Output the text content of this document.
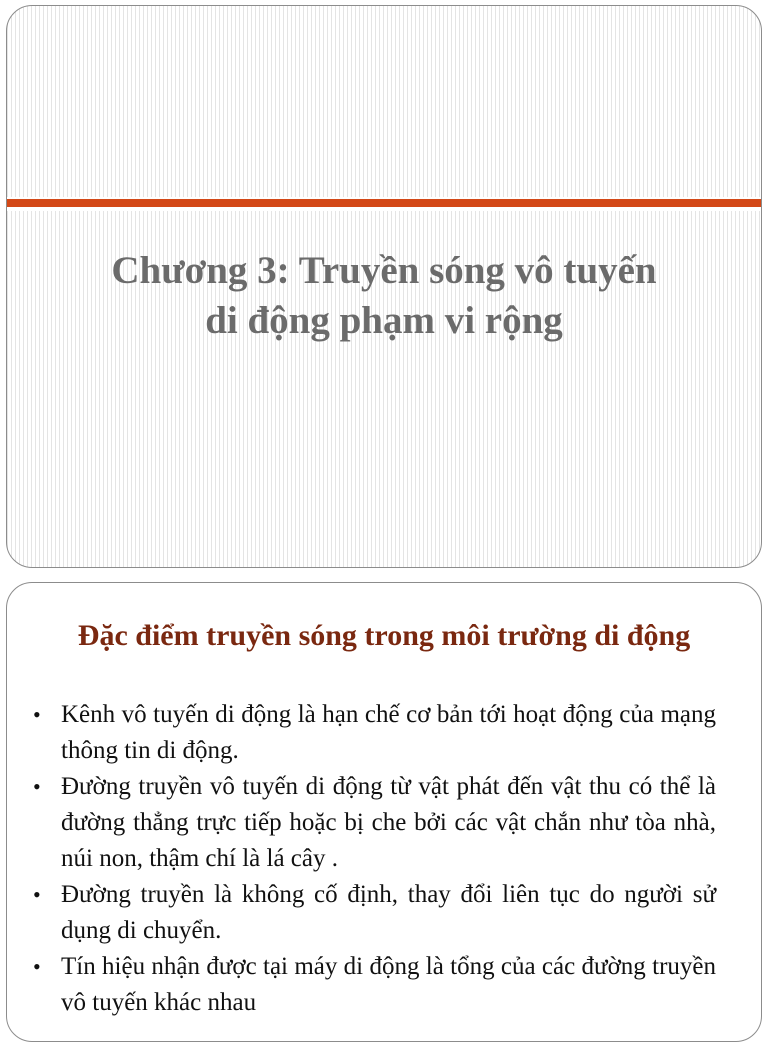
Chương 3: Truyền sóng vô tuyến
di động phạm vi rộng
Đặc điểm truyền sóng trong môi trường di động
• Kênh vô tuyến di động là hạn chế cơ bản tới hoạt động của mạng thông tin di động.
• Đường truyền vô tuyến di động từ vật phát đến vật thu có thể là đường thẳng trực tiếp hoặc bị che bởi các vật chắn như tòa nhà, núi non, thậm chí là lá cây .
• Đường truyền là không cố định, thay đổi liên tục do người sử dụng di chuyển.
• Tín hiệu nhận được tại máy di động là tổng của các đường truyền vô tuyến khác nhau
